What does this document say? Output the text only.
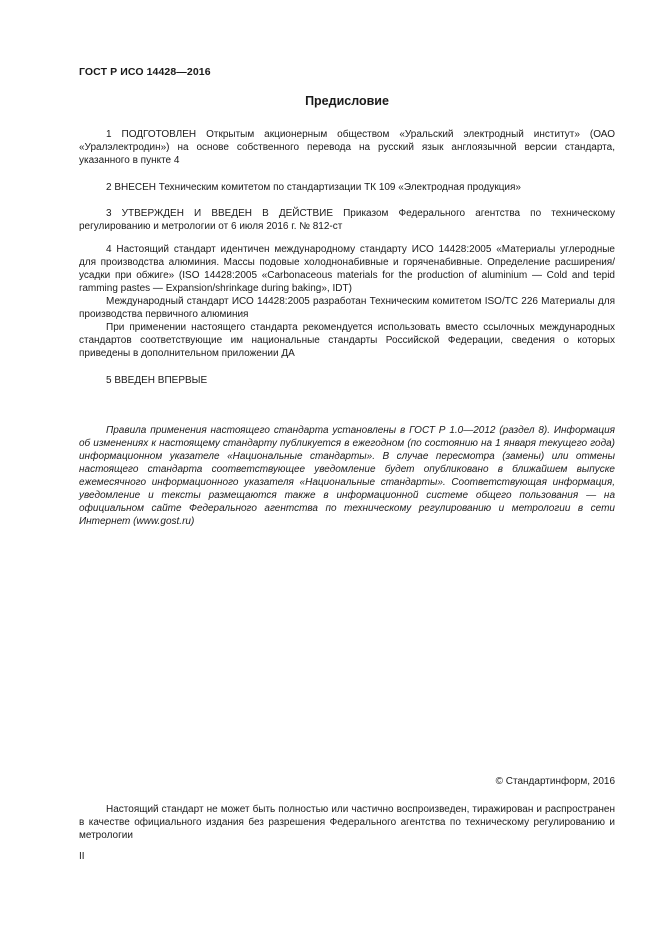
ГОСТ Р ИСО 14428—2016
Предисловие

1 ПОДГОТОВЛЕН Открытым акционерным обществом «Уральский электродный институт» (ОАО «Уралэлектродин») на основе собственного перевода на русский язык англоязычной версии стандарта, указанного в пункте 4

2 ВНЕСЕН Техническим комитетом по стандартизации ТК 109 «Электродная продукция»

3 УТВЕРЖДЕН И ВВЕДЕН В ДЕЙСТВИЕ Приказом Федерального агентства по техническому регулированию и метрологии от 6 июля 2016 г. № 812-ст

4 Настоящий стандарт идентичен международному стандарту ИСО 14428:2005 «Материалы углеродные для производства алюминия. Массы подовые холоднонабивные и горяченабивные. Определение расширения/усадки при обжиге» (ISO 14428:2005 «Carbonaceous materials for the production of aluminium — Cold and tepid ramming pastes — Expansion/shrinkage during baking», IDT)

Международный стандарт ИСО 14428:2005 разработан Техническим комитетом ISO/TC 226 Материалы для производства первичного алюминия

При применении настоящего стандарта рекомендуется использовать вместо ссылочных международных стандартов соответствующие им национальные стандарты Российской Федерации, сведения о которых приведены в дополнительном приложении ДА

5 ВВЕДЕН ВПЕРВЫЕ

Правила применения настоящего стандарта установлены в ГОСТ Р 1.0—2012 (раздел 8). Информация об изменениях к настоящему стандарту публикуется в ежегодном (по состоянию на 1 января текущего года) информационном указателе «Национальные стандарты». В случае пересмотра (замены) или отмены настоящего стандарта соответствующее уведомление будет опубликовано в ближайшем выпуске ежемесячного информационного указателя «Национальные стандарты». Соответствующая информация, уведомление и тексты размещаются также в информационной системе общего пользования — на официальном сайте Федерального агентства по техническому регулированию и метрологии в сети Интернет (www.gost.ru)

© Стандартинформ, 2016

Настоящий стандарт не может быть полностью или частично воспроизведен, тиражирован и распространен в качестве официального издания без разрешения Федерального агентства по техническому регулированию и метрологии

II
